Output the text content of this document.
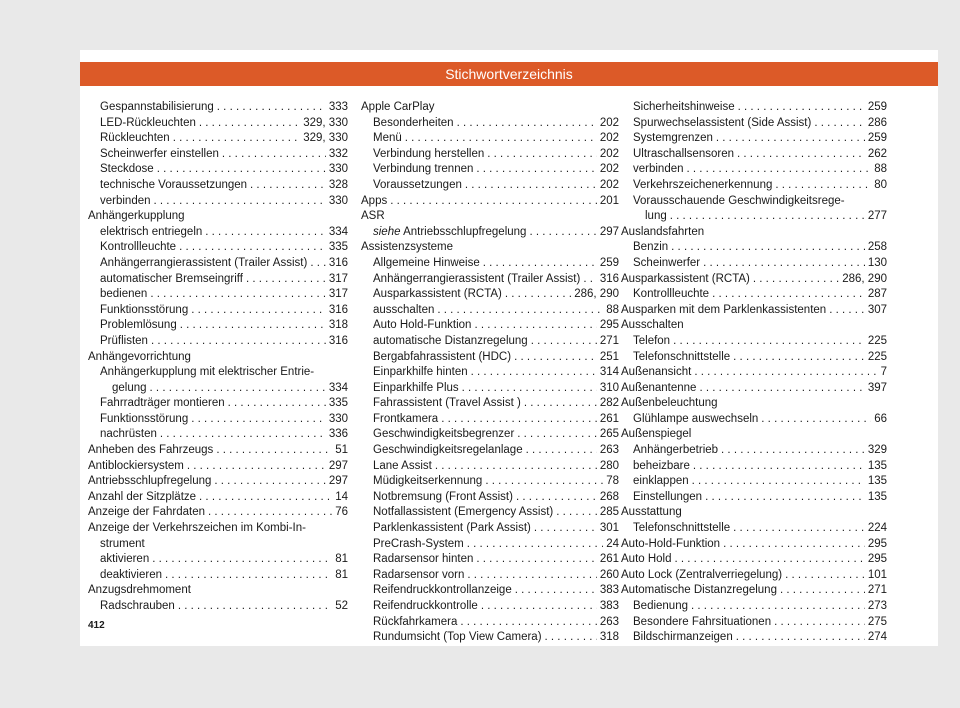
Stichwortverzeichnis
Gespannstabilisierung . . .	333
LED-Rückleuchten . . .	329, 330
Rückleuchten . . .	329, 330
Scheinwerfer einstellen . . .	332
Steckdose . . .	330
technische Voraussetzungen . . .	328
verbinden . . .	330
Anhängerkupplung
elektrisch entriegeln . . .	334
Kontrollleuchte . . .	335
Anhängerrangierassistent (Trailer Assist) . . . 316
automatischer Bremseingriff . . .	317
bedienen . . .	317
Funktionsstörung . . .	316
Problemlösung . . .	318
Prüflisten . . .	316
Anhängevorrichtung
Anhängerkupplung mit elektrischer Entrie-
gelung . . .	334
Fahrradträger montieren . . .	335
Funktionsstörung . . .	330
nachrüsten . . .	336
Anheben des Fahrzeugs . . .	51
Antiblockiersystem . . .	297
Antriebsschlupfregelung . . .	297
Anzahl der Sitzplätze . . .	14
Anzeige der Fahrdaten . . .	76
Anzeige der Verkehrszeichen im Kombi-In-
strument
aktivieren . . .	81
deaktivieren . . .	81
Anzugsdrehmoment
Radschrauben . . .	52
Apple CarPlay
Besonderheiten . . .	202
Menü . . .	202
Verbindung herstellen . . .	202
Verbindung trennen . . .	202
Voraussetzungen . . .	202
Apps . . .	201
ASR
siehe Antriebsschlupfregelung . . .	297
Assistenzsysteme
Allgemeine Hinweise . . .	259
Anhängerrangierassistent (Trailer Assist) . . . 316
Ausparkassistent (RCTA) . . .	286, 290
ausschalten . . .	88
Auto Hold-Funktion . . .	295
automatische Distanzregelung . . .	271
Bergabfahrassistent (HDC) . . .	251
Einparkhilfe hinten . . .	314
Einparkhilfe Plus . . .	310
Fahrassistent (Travel Assist ) . . .	282
Frontkamera . . .	261
Geschwindigkeitsbegrenzer . . .	265
Geschwindigkeitsregelanlage . . .	263
Lane Assist . . .	280
Müdigkeitserkennung . . .	78
Notbremsung (Front Assist) . . .	268
Notfallassistent (Emergency Assist) . . .	285
Parklenkassistent (Park Assist) . . .	301
PreCrash-System . . .	24
Radarsensor hinten . . .	261
Radarsensor vorn . . .	260
Reifendruckkontrollanzeige . . .	383
Reifendruckkontrolle . . .	383
Rückfahrkamera . . .	263
Rundumsicht (Top View Camera) . . .	318
Sicherheitshinweise . . .	259
Spurwechselassistent (Side Assist) . . .	286
Systemgrenzen . . .	259
Ultraschallsensoren . . .	262
verbinden . . .	88
Verkehrszeichenerkennung . . .	80
Vorausschauende Geschwindigkeitsrege-
lung . . .	277
Auslandsfahrten
Benzin . . .	258
Scheinwerfer . . .	130
Ausparkassistent (RCTA) . . .	286, 290
Kontrollleuchte . . .	287
Ausparken mit dem Parklenkassistenten . . .	307
Ausschalten
Telefon . . .	225
Telefonschnittstelle . . .	225
Außenansicht . . .	7
Außenantenne . . .	397
Außenbeleuchtung
Glühlampe auswechseln . . .	66
Außenspiegel
Anhängerbetrieb . . .	329
beheizbare . . .	135
einklappen . . .	135
Einstellungen . . .	135
Ausstattung
Telefonschnittstelle . . .	224
Auto-Hold-Funktion . . .	295
Auto Hold . . .	295
Auto Lock (Zentralverriegelung) . . .	101
Automatische Distanzregelung . . .	271
Bedienung . . .	273
Besondere Fahrsituationen . . .	275
Bildschirmanzeigen . . .	274
412
